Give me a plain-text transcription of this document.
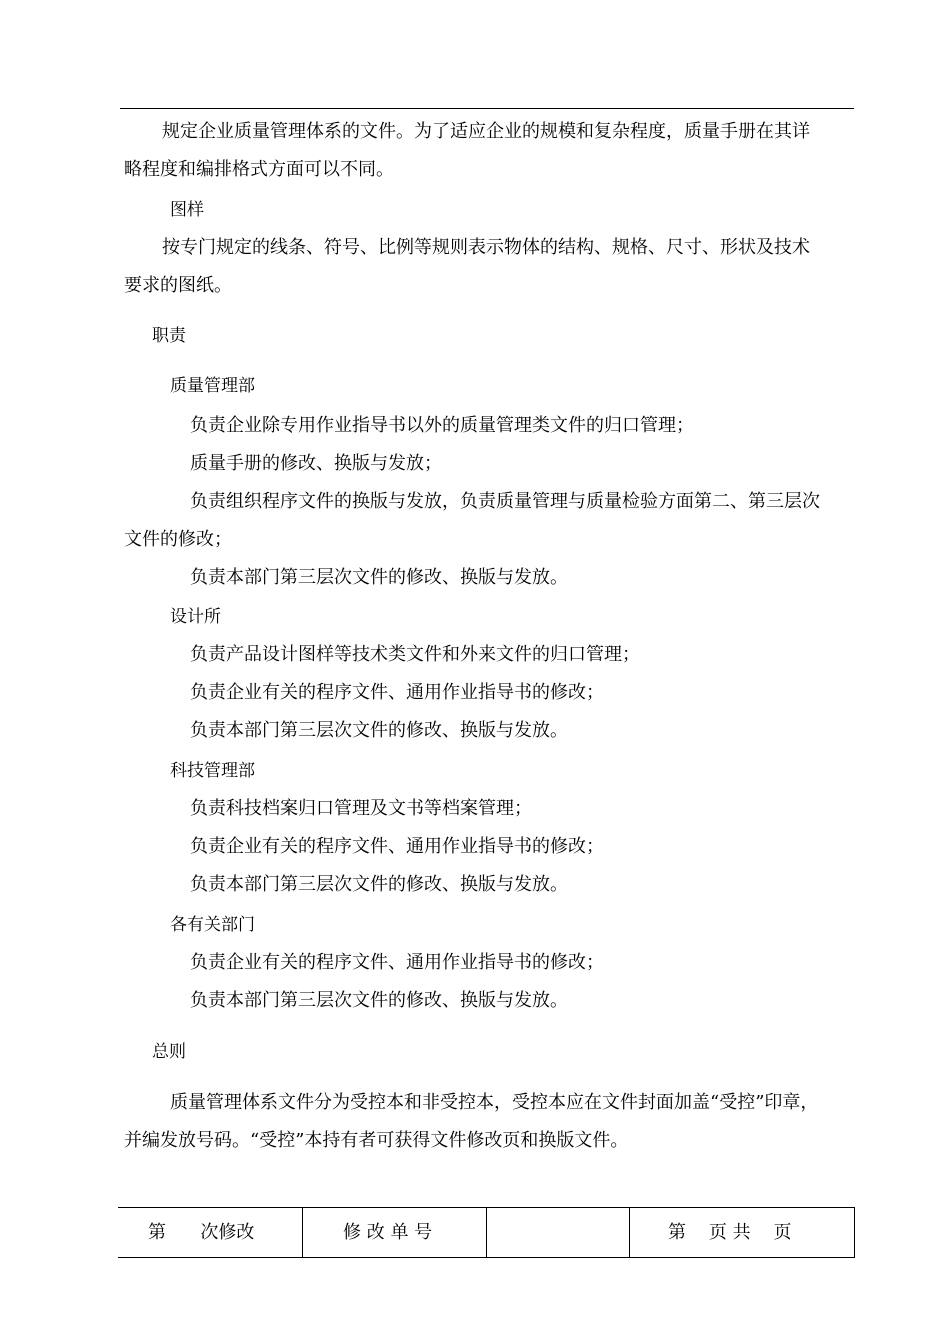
规定企业质量管理体系的文件。为了适应企业的规模和复杂程度，质量手册在其详
略程度和编排格式方面可以不同。
图样
按专门规定的线条、符号、比例等规则表示物体的结构、规格、尺寸、形状及技术
要求的图纸。
职责
质量管理部
负责企业除专用作业指导书以外的质量管理类文件的归口管理；
质量手册的修改、换版与发放；
负责组织程序文件的换版与发放，负责质量管理与质量检验方面第二、第三层次
文件的修改；
负责本部门第三层次文件的修改、换版与发放。
设计所
负责产品设计图样等技术类文件和外来文件的归口管理；
负责企业有关的程序文件、通用作业指导书的修改；
负责本部门第三层次文件的修改、换版与发放。
科技管理部
负责科技档案归口管理及文书等档案管理；
负责企业有关的程序文件、通用作业指导书的修改；
负责本部门第三层次文件的修改、换版与发放。
各有关部门
负责企业有关的程序文件、通用作业指导书的修改；
负责本部门第三层次文件的修改、换版与发放。
总则
质量管理体系文件分为受控本和非受控本，受控本应在文件封面加盖“受控”印章，
并编发放号码。“受控”本持有者可获得文件修改页和换版文件。
第      次修改	修 改 单 号	第    页 共    页
